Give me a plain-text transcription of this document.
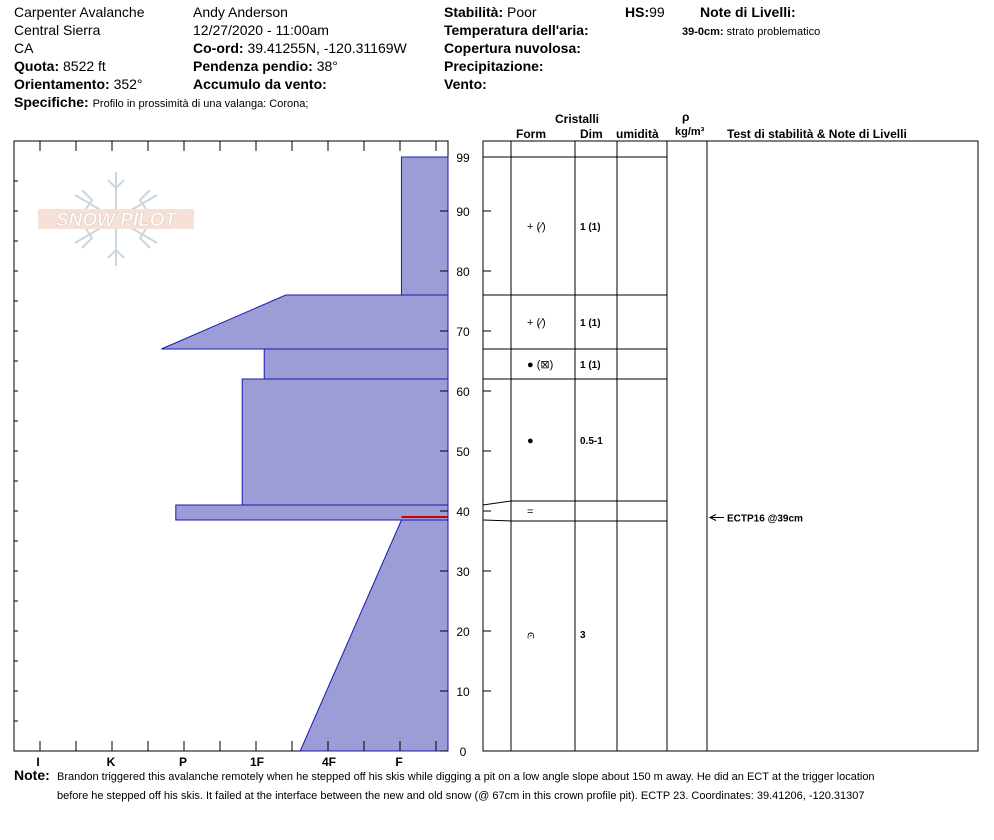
Carpenter Avalanche
Central Sierra
CA
Quota: 8522 ft
Orientamento: 352°
Specifiche: Profilo in prossimità di una valanga: Corona;
Andy Anderson
12/27/2020 - 11:00am
Co-ord: 39.41255N, -120.31169W
Pendenza pendio: 38°
Accumulo da vento:
Stabilità: Poor
Temperatura dell'aria:
Copertura nuvolosa:
Precipitazione:
Vento:
HS:99	Note di Livelli:
39-0cm: strato problematico
Cristalli
Form	Dim umidità
ρ
kg/m³ Test di stabilità & Note di Livelli
SNOW PILOT
0
10
20
30
40
50
60
70
80
90
99
I	K	P	1F	4F	F
+ (⁄)	1 (1)
+ (⁄)	1 (1)
● (⊠)	1 (1)
●	0.5-1
=
⩀	3
ECTP16 @39cm
Note: Brandon triggered this avalanche remotely when he stepped off his skis while digging a pit on a low angle slope about 150 m away. He did an ECT at the trigger location
before he stepped off his skis. It failed at the interface between the new and old snow (@ 67cm in this crown profile pit). ECTP 23. Coordinates: 39.41206, -120.31307
